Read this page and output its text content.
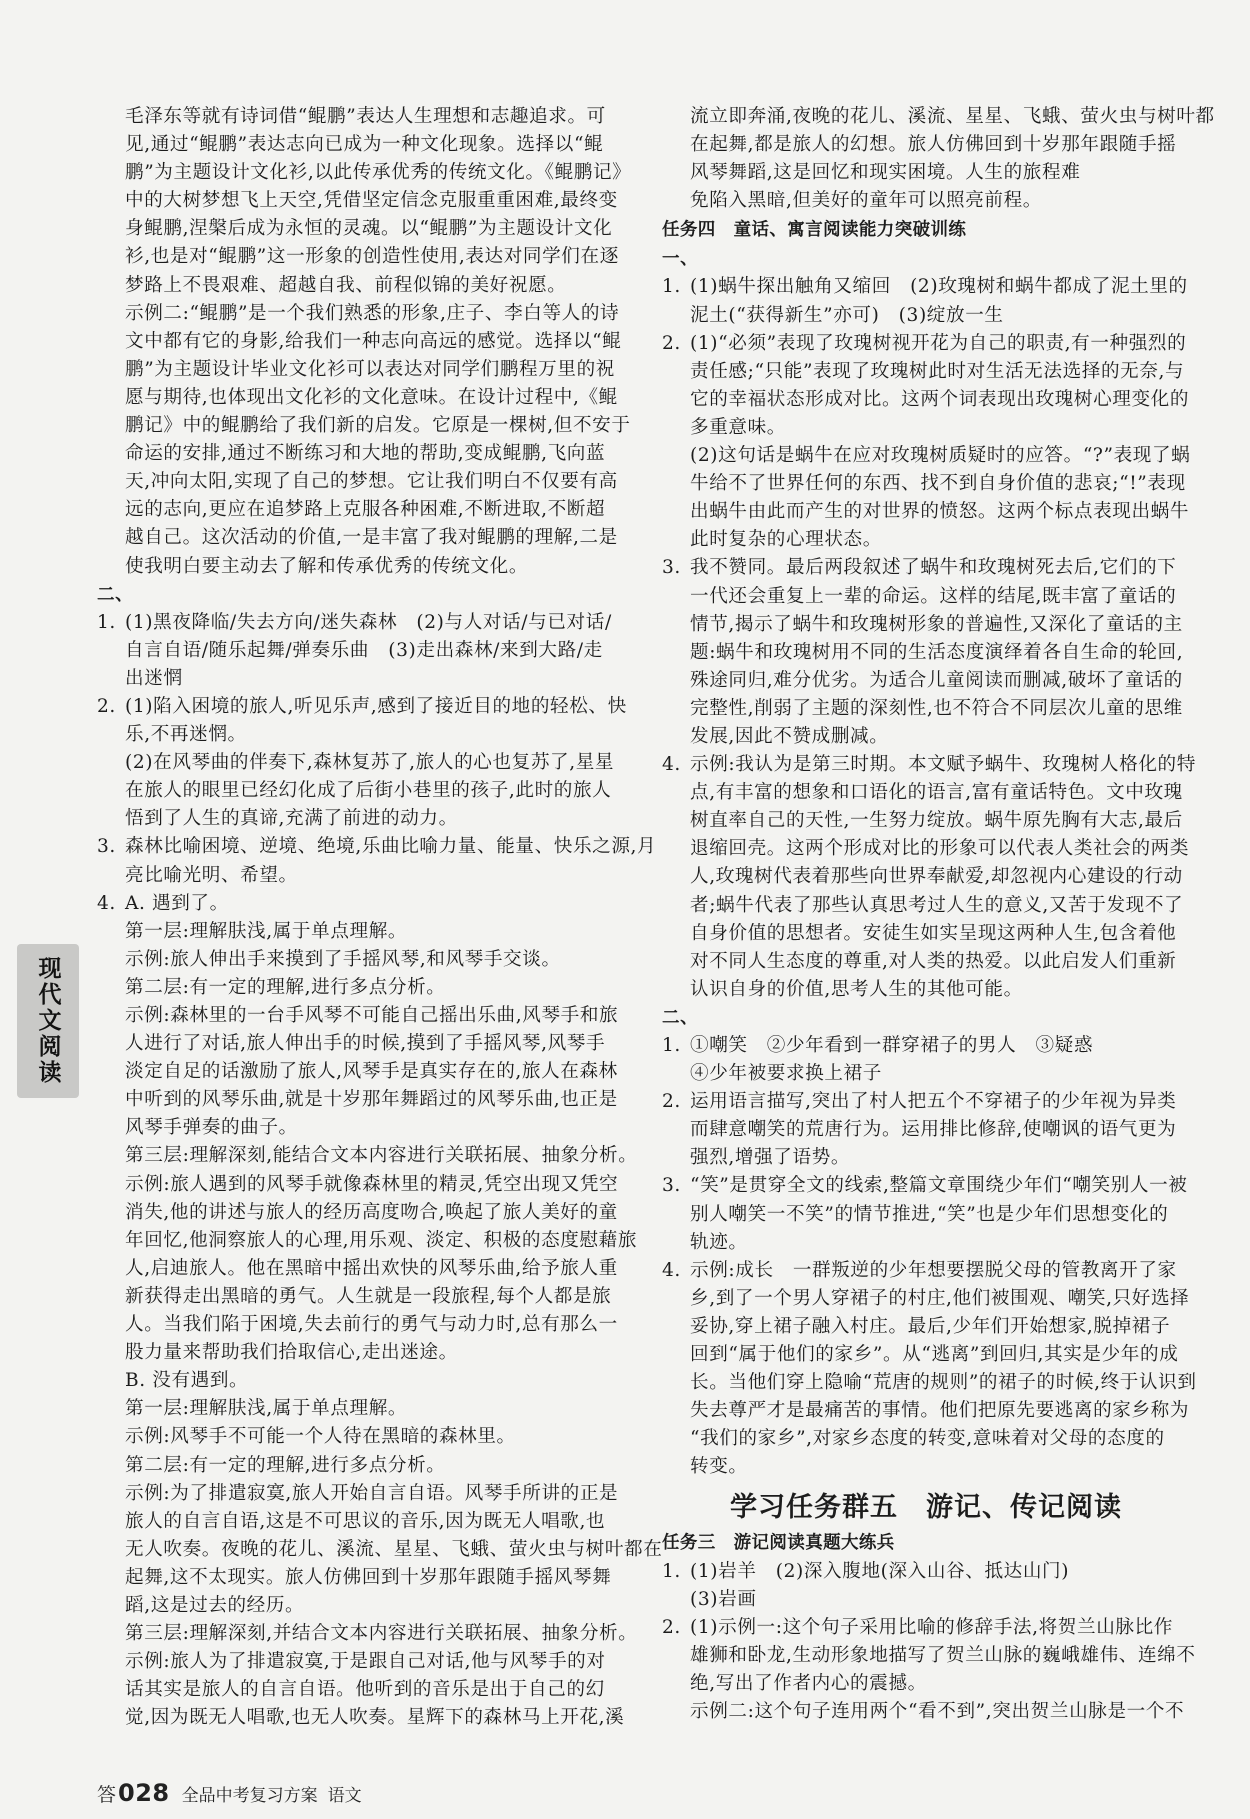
毛泽东等就有诗词借“鲲鹏”表达人生理想和志趣追求。可
见,通过“鲲鹏”表达志向已成为一种文化现象。选择以“鲲
鹏”为主题设计文化衫,以此传承优秀的传统文化。《鲲鹏记》
中的大树梦想飞上天空,凭借坚定信念克服重重困难,最终变
身鲲鹏,涅槃后成为永恒的灵魂。以“鲲鹏”为主题设计文化
衫,也是对“鲲鹏”这一形象的创造性使用,表达对同学们在逐
梦路上不畏艰难、超越自我、前程似锦的美好祝愿。
示例二:“鲲鹏”是一个我们熟悉的形象,庄子、李白等人的诗
文中都有它的身影,给我们一种志向高远的感觉。选择以“鲲
鹏”为主题设计毕业文化衫可以表达对同学们鹏程万里的祝
愿与期待,也体现出文化衫的文化意味。在设计过程中,《鲲
鹏记》中的鲲鹏给了我们新的启发。它原是一棵树,但不安于
命运的安排,通过不断练习和大地的帮助,变成鲲鹏,飞向蓝
天,冲向太阳,实现了自己的梦想。它让我们明白不仅要有高
远的志向,更应在追梦路上克服各种困难,不断进取,不断超
越自己。这次活动的价值,一是丰富了我对鲲鹏的理解,二是
使我明白要主动去了解和传承优秀的传统文化。
二、
1. (1)黑夜降临/失去方向/迷失森林　(2)与人对话/与已对话/
自言自语/随乐起舞/弹奏乐曲　(3)走出森林/来到大路/走
出迷惘
2. (1)陷入困境的旅人,听见乐声,感到了接近目的地的轻松、快
乐,不再迷惘。
(2)在风琴曲的伴奏下,森林复苏了,旅人的心也复苏了,星星
在旅人的眼里已经幻化成了后街小巷里的孩子,此时的旅人
悟到了人生的真谛,充满了前进的动力。
3. 森林比喻困境、逆境、绝境,乐曲比喻力量、能量、快乐之源,月
亮比喻光明、希望。
4. A. 遇到了。
第一层:理解肤浅,属于单点理解。
示例:旅人伸出手来摸到了手摇风琴,和风琴手交谈。
第二层:有一定的理解,进行多点分析。
示例:森林里的一台手风琴不可能自己摇出乐曲,风琴手和旅
人进行了对话,旅人伸出手的时候,摸到了手摇风琴,风琴手
淡定自足的话激励了旅人,风琴手是真实存在的,旅人在森林
中听到的风琴乐曲,就是十岁那年舞蹈过的风琴乐曲,也正是
风琴手弹奏的曲子。
第三层:理解深刻,能结合文本内容进行关联拓展、抽象分析。
示例:旅人遇到的风琴手就像森林里的精灵,凭空出现又凭空
消失,他的讲述与旅人的经历高度吻合,唤起了旅人美好的童
年回忆,他洞察旅人的心理,用乐观、淡定、积极的态度慰藉旅
人,启迪旅人。他在黑暗中摇出欢快的风琴乐曲,给予旅人重
新获得走出黑暗的勇气。人生就是一段旅程,每个人都是旅
人。当我们陷于困境,失去前行的勇气与动力时,总有那么一
股力量来帮助我们拾取信心,走出迷途。
B. 没有遇到。
第一层:理解肤浅,属于单点理解。
示例:风琴手不可能一个人待在黑暗的森林里。
第二层:有一定的理解,进行多点分析。
示例:为了排遣寂寞,旅人开始自言自语。风琴手所讲的正是
旅人的自言自语,这是不可思议的音乐,因为既无人唱歌,也
无人吹奏。夜晚的花儿、溪流、星星、飞蛾、萤火虫与树叶都在
起舞,这不太现实。旅人仿佛回到十岁那年跟随手摇风琴舞
蹈,这是过去的经历。
第三层:理解深刻,并结合文本内容进行关联拓展、抽象分析。
示例:旅人为了排遣寂寞,于是跟自己对话,他与风琴手的对
话其实是旅人的自言自语。他听到的音乐是出于自己的幻
觉,因为既无人唱歌,也无人吹奏。星辉下的森林马上开花,溪
流立即奔涌,夜晚的花儿、溪流、星星、飞蛾、萤火虫与树叶都
在起舞,都是旅人的幻想。旅人仿佛回到十岁那年跟随手摇
风琴舞蹈,这是回忆和现实困境。人生的旅程难
免陷入黑暗,但美好的童年可以照亮前程。
任务四　童话、寓言阅读能力突破训练
一、
1. (1)蜗牛探出触角又缩回　(2)玫瑰树和蜗牛都成了泥土里的
泥土(“获得新生”亦可)　(3)绽放一生
2. (1)“必须”表现了玫瑰树视开花为自己的职责,有一种强烈的
责任感;“只能”表现了玫瑰树此时对生活无法选择的无奈,与
它的幸福状态形成对比。这两个词表现出玫瑰树心理变化的
多重意味。
(2)这句话是蜗牛在应对玫瑰树质疑时的应答。“?”表现了蜗
牛给不了世界任何的东西、找不到自身价值的悲哀;“!”表现
出蜗牛由此而产生的对世界的愤怒。这两个标点表现出蜗牛
此时复杂的心理状态。
3. 我不赞同。最后两段叙述了蜗牛和玫瑰树死去后,它们的下
一代还会重复上一辈的命运。这样的结尾,既丰富了童话的
情节,揭示了蜗牛和玫瑰树形象的普遍性,又深化了童话的主
题:蜗牛和玫瑰树用不同的生活态度演绎着各自生命的轮回,
殊途同归,难分优劣。为适合儿童阅读而删减,破坏了童话的
完整性,削弱了主题的深刻性,也不符合不同层次儿童的思维
发展,因此不赞成删减。
4. 示例:我认为是第三时期。本文赋予蜗牛、玫瑰树人格化的特
点,有丰富的想象和口语化的语言,富有童话特色。文中玫瑰
树直率自己的天性,一生努力绽放。蜗牛原先胸有大志,最后
退缩回壳。这两个形成对比的形象可以代表人类社会的两类
人,玫瑰树代表着那些向世界奉献爱,却忽视内心建设的行动
者;蜗牛代表了那些认真思考过人生的意义,又苦于发现不了
自身价值的思想者。安徒生如实呈现这两种人生,包含着他
对不同人生态度的尊重,对人类的热爱。以此启发人们重新
认识自身的价值,思考人生的其他可能。
二、
1. ①嘲笑　②少年看到一群穿裙子的男人　③疑惑
④少年被要求换上裙子
2. 运用语言描写,突出了村人把五个不穿裙子的少年视为异类
而肆意嘲笑的荒唐行为。运用排比修辞,使嘲讽的语气更为
强烈,增强了语势。
3. “笑”是贯穿全文的线索,整篇文章围绕少年们“嘲笑别人一被
别人嘲笑一不笑”的情节推进,“笑”也是少年们思想变化的
轨迹。
4. 示例:成长　一群叛逆的少年想要摆脱父母的管教离开了家
乡,到了一个男人穿裙子的村庄,他们被围观、嘲笑,只好选择
妥协,穿上裙子融入村庄。最后,少年们开始想家,脱掉裙子
回到“属于他们的家乡”。从“逃离”到回归,其实是少年的成
长。当他们穿上隐喻“荒唐的规则”的裙子的时候,终于认识到
失去尊严才是最痛苦的事情。他们把原先要逃离的家乡称为
“我们的家乡”,对家乡态度的转变,意味着对父母的态度的
转变。
学习任务群五　游记、传记阅读
任务三　游记阅读真题大练兵
1. (1)岩羊　(2)深入腹地(深入山谷、抵达山门)
(3)岩画
2. (1)示例一:这个句子采用比喻的修辞手法,将贺兰山脉比作
雄狮和卧龙,生动形象地描写了贺兰山脉的巍峨雄伟、连绵不
绝,写出了作者内心的震撼。
示例二:这个句子连用两个“看不到”,突出贺兰山脉是一个不
现代文阅读
答028 全品中考复习方案 语文
